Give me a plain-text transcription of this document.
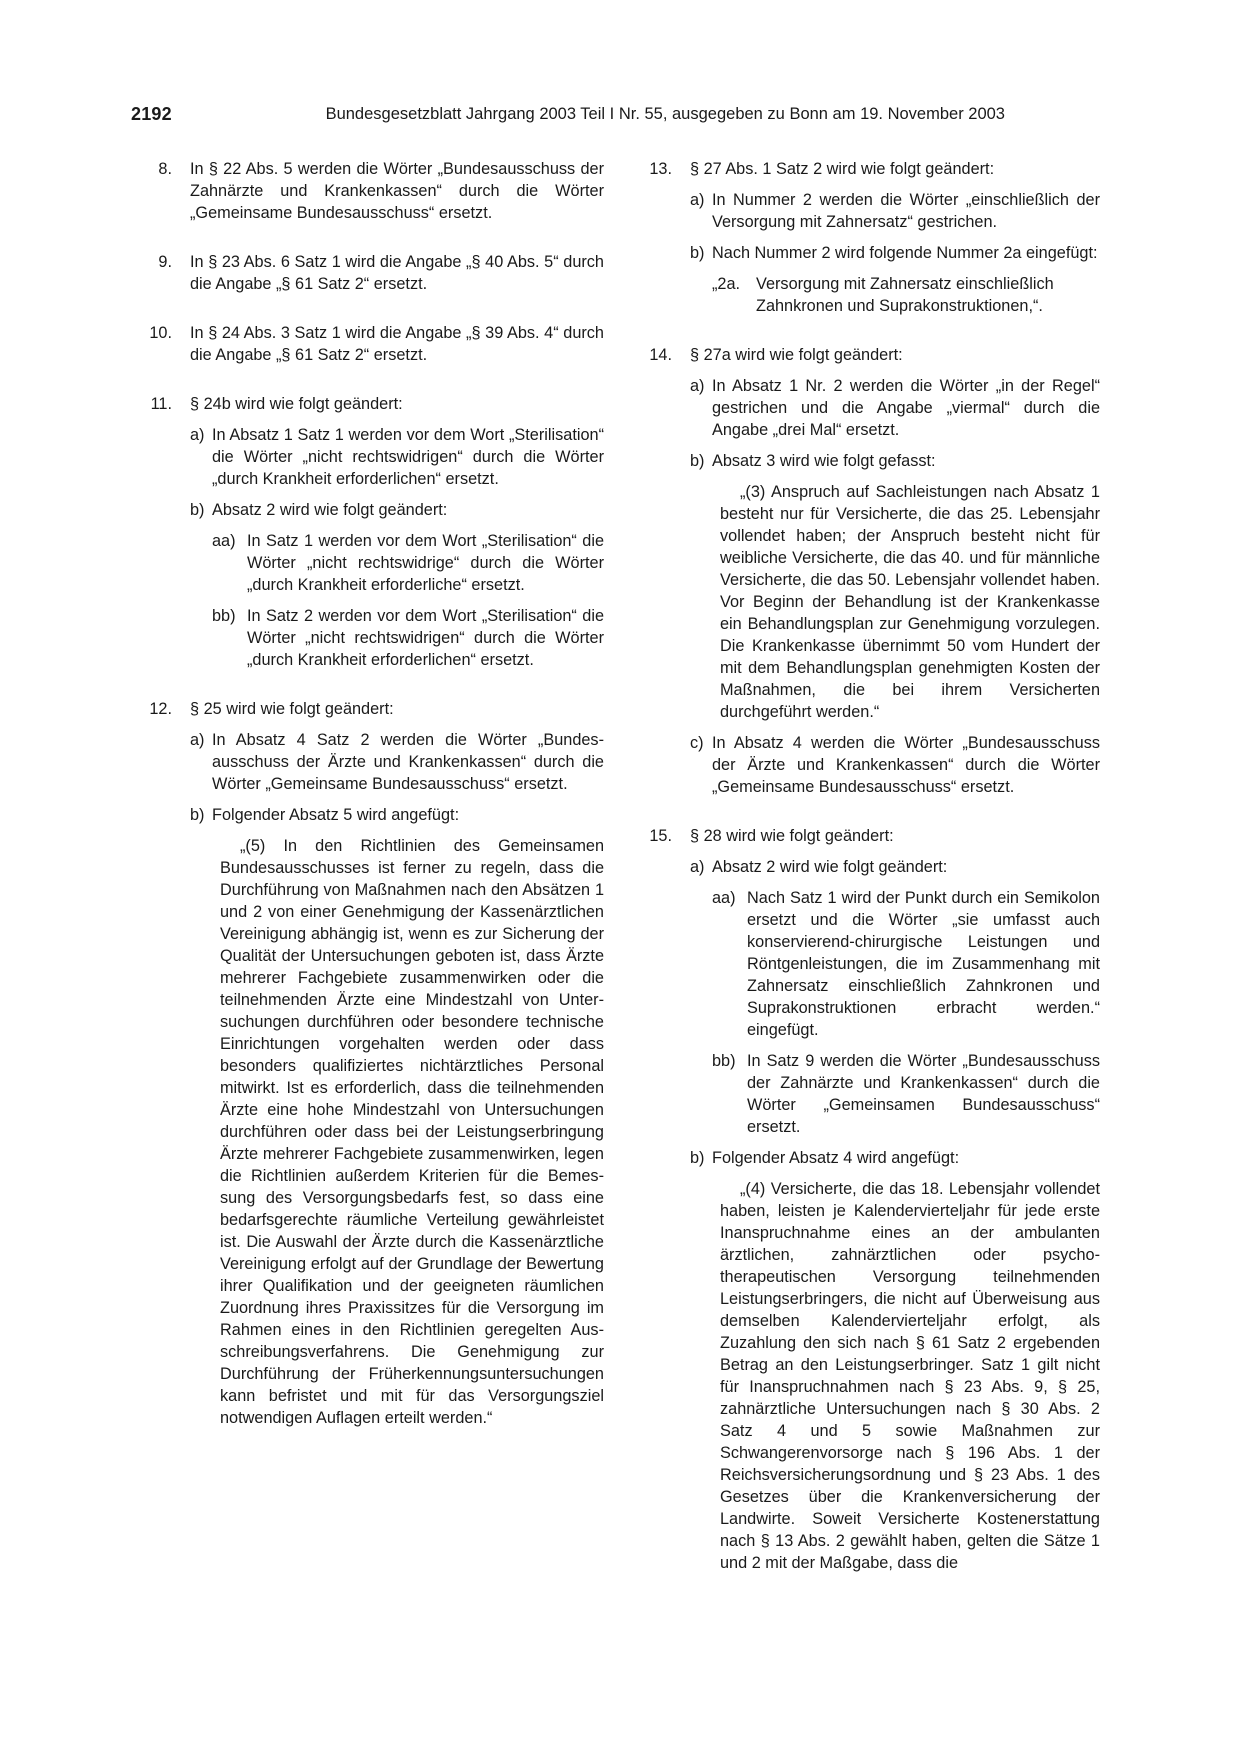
2192	Bundesgesetzblatt Jahrgang 2003 Teil I Nr. 55, ausgegeben zu Bonn am 19. November 2003
8. In § 22 Abs. 5 werden die Wörter „Bundesausschuss der Zahnärzte und Krankenkassen“ durch die Wörter „Gemeinsame Bundesausschuss“ ersetzt.

9. In § 23 Abs. 6 Satz 1 wird die Angabe „§ 40 Abs. 5“ durch die Angabe „§ 61 Satz 2“ ersetzt.

10. In § 24 Abs. 3 Satz 1 wird die Angabe „§ 39 Abs. 4“ durch die Angabe „§ 61 Satz 2“ ersetzt.

11. § 24b wird wie folgt geändert:

a) In Absatz 1 Satz 1 werden vor dem Wort „Sterilisation“ die Wörter „nicht rechtswidrigen“ durch die Wörter „durch Krankheit erforderlichen“ ersetzt.

b) Absatz 2 wird wie folgt geändert:

aa) In Satz 1 werden vor dem Wort „Sterilisation“ die Wörter „nicht rechtswidrige“ durch die Wörter „durch Krankheit erforderliche“ ersetzt.

bb) In Satz 2 werden vor dem Wort „Sterilisation“ die Wörter „nicht rechtswidrigen“ durch die Wörter „durch Krankheit erforderlichen“ ersetzt.

12. § 25 wird wie folgt geändert:

a) In Absatz 4 Satz 2 werden die Wörter „Bundesausschuss der Ärzte und Krankenkassen“ durch die Wörter „Gemeinsame Bundesausschuss“ ersetzt.

b) Folgender Absatz 5 wird angefügt:

„(5) In den Richtlinien des Gemeinsamen Bundesausschusses ist ferner zu regeln, dass die Durchführung von Maßnahmen nach den Absätzen 1 und 2 von einer Genehmigung der Kassenärztlichen Vereinigung abhängig ist, wenn es zur Sicherung der Qualität der Untersuchungen geboten ist, dass Ärzte mehrerer Fachgebiete zusammenwirken oder die teilnehmenden Ärzte eine Mindestzahl von Untersuchungen durchführen oder besondere technische Einrichtungen vorgehalten werden oder dass besonders qualifiziertes nichtärztliches Personal mitwirkt. Ist es erforderlich, dass die teilnehmenden Ärzte eine hohe Mindestzahl von Untersuchungen durchführen oder dass bei der Leistungserbringung Ärzte mehrerer Fachgebiete zusammenwirken, legen die Richtlinien außerdem Kriterien für die Bemessung des Versorgungsbedarfs fest, so dass eine bedarfsgerechte räumliche Verteilung gewährleistet ist. Die Auswahl der Ärzte durch die Kassenärztliche Vereinigung erfolgt auf der Grundlage der Bewertung ihrer Qualifikation und der geeigneten räumlichen Zuordnung ihres Praxissitzes für die Versorgung im Rahmen eines in den Richtlinien geregelten Ausschreibungsverfahrens. Die Genehmigung zur Durchführung der Früherkennungsuntersuchungen kann befristet und mit für das Versorgungsziel notwendigen Auflagen erteilt werden.“

13. § 27 Abs. 1 Satz 2 wird wie folgt geändert:

a) In Nummer 2 werden die Wörter „einschließlich der Versorgung mit Zahnersatz“ gestrichen.

b) Nach Nummer 2 wird folgende Nummer 2a eingefügt:

„2a. Versorgung mit Zahnersatz einschließlich Zahnkronen und Suprakonstruktionen,“.

14. § 27a wird wie folgt geändert:

a) In Absatz 1 Nr. 2 werden die Wörter „in der Regel“ gestrichen und die Angabe „viermal“ durch die Angabe „drei Mal“ ersetzt.

b) Absatz 3 wird wie folgt gefasst:

„(3) Anspruch auf Sachleistungen nach Absatz 1 besteht nur für Versicherte, die das 25. Lebensjahr vollendet haben; der Anspruch besteht nicht für weibliche Versicherte, die das 40. und für männliche Versicherte, die das 50. Lebensjahr vollendet haben. Vor Beginn der Behandlung ist der Krankenkasse ein Behandlungsplan zur Genehmigung vorzulegen. Die Krankenkasse übernimmt 50 vom Hundert der mit dem Behandlungsplan genehmigten Kosten der Maßnahmen, die bei ihrem Versicherten durchgeführt werden.“

c) In Absatz 4 werden die Wörter „Bundesausschuss der Ärzte und Krankenkassen“ durch die Wörter „Gemeinsame Bundesausschuss“ ersetzt.

15. § 28 wird wie folgt geändert:

a) Absatz 2 wird wie folgt geändert:

aa) Nach Satz 1 wird der Punkt durch ein Semikolon ersetzt und die Wörter „sie umfasst auch konservierend-chirurgische Leistungen und Röntgenleistungen, die im Zusammenhang mit Zahnersatz einschließlich Zahnkronen und Suprakonstruktionen erbracht werden.“ eingefügt.

bb) In Satz 9 werden die Wörter „Bundesausschuss der Zahnärzte und Krankenkassen“ durch die Wörter „Gemeinsamen Bundesausschuss“ ersetzt.

b) Folgender Absatz 4 wird angefügt:

„(4) Versicherte, die das 18. Lebensjahr vollendet haben, leisten je Kalendervierteljahr für jede erste Inanspruchnahme eines an der ambulanten ärztlichen, zahnärztlichen oder psychotherapeutischen Versorgung teilnehmenden Leistungserbringers, die nicht auf Überweisung aus demselben Kalendervierteljahr erfolgt, als Zuzahlung den sich nach § 61 Satz 2 ergebenden Betrag an den Leistungserbringer. Satz 1 gilt nicht für Inanspruchnahmen nach § 23 Abs. 9, § 25, zahnärztliche Untersuchungen nach § 30 Abs. 2 Satz 4 und 5 sowie Maßnahmen zur Schwangerenvorsorge nach § 196 Abs. 1 der Reichsversicherungsordnung und § 23 Abs. 1 des Gesetzes über die Krankenversicherung der Landwirte. Soweit Versicherte Kostenerstattung nach § 13 Abs. 2 gewählt haben, gelten die Sätze 1 und 2 mit der Maßgabe, dass die
